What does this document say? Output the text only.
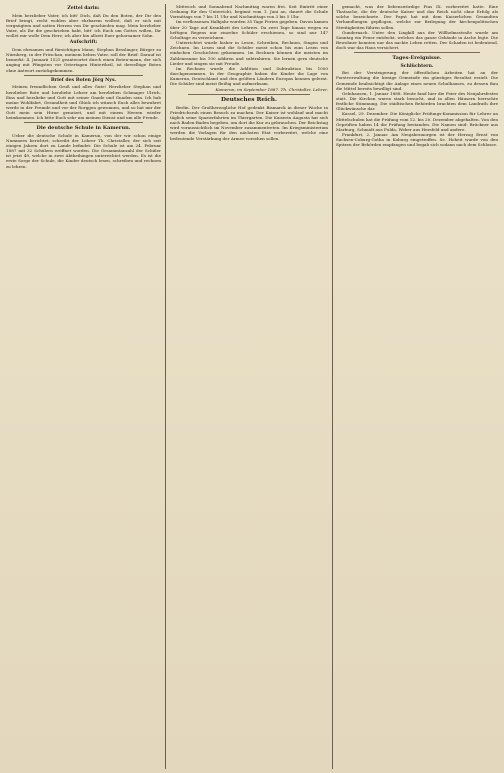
Zettel darin:

Mein herzlieber Vater, ich bitt' Dich, daß Du den Boten, der Dir den Brief bringt, recht wohlen aber ehrbarem wollest, daß er sich mit vergnügtem und satten Herzen von Dir geschieden mag. Mein herzlieber Vater, als Ihr die geschrieben habt, bitt' ich Euch um Gottes willen, Ihr wollet mir wolle Dein Herz; ich aber bin allzeit Euer gehorsamer Sohn.

Aufschrift:

Dem ehrsamen und fürsichtigen Mann, Stephan Besslinger, Bürger zu Nürnberg, in der Fröschau, meinem lieben Vater, soll der Brief. Darauf ist bemerkt: 4. Januarii 1521 geantwortet durch einen Boten-mann, der sich anging mit Pfingsten vor Ostertagen Hintertheil, ist derselbige Boten ohne Antwort zurückgekommen.

Brief des Boten Jörg Nys.

Meinen freundlichen Gruß und alles Gute! Herzlieber Stephan und herzlieber Bote und herzliebe Lehrer am herzlieben Schmager Ulrich. Eins und herzliebe und Gott mit seiner Gnade und Gnaden sein. Ich hab meine Wohlfahrt, Gesundheit und Glück ich wünsch Euch alles bewahret werde in der Fremde und vor der Rorggen gewonnen, und so hat mir der Gott mein sein Hirne genutzet, und mit einem Herzen wieder heimkommen. Ich bitte Euch sehr um meinen Dienst und um alle Freude.

Die deutsche Schule in Kamerun.

Ueber die deutsche Schule in Kamerun, von der wir schon einige Nummern berichtet, schreibt der Lehrer Th. Christaller, der sich seit einigen Jahren dort zu Lande befindet: Die Schule ist am 24. Februar 1887 mit 32 Schülern eröffnet worden. Die Gesammtanzahl der Schüler ist jetzt 49, welche in zwei Abtheilungen unterrichtet werden. Es ist die erste Sorge der Schule, die Kinder deutsch lesen, schreiben und rechnen zu lehren.

Mittwoch und Sonnabend Nachmittag waren frei. Seit Eintritt einer Ordnung für den Unterricht, beginnt vom 1. Juni an, dauert die Schule Vormittags von 7 bis 11 Uhr und Nachmittags von 3 bis 5 Uhr.

Im verflossenen Halbjahr wurden 35 Tage Ferien gegeben. Davon kamen über 20 Tage auf Krankheit des Lehrers. Da zwei Tage hinaus wegen zu heftigen Regens nur einzelne Schüler erschienen, so sind nur 147 Schultage zu verzeichnen.

Unterrichtet wurde bisher in Lesen, Schreiben, Rechnen, Singen und Zeichnen. Im Lesen sind die Schüler meist schon bis zum Lesen von einfachen Geschichten gekommen. Im Rechnen können die meisten im Zahlenraume bis 100 addiren und subtrahiren. Sie lernen gern deutsche Lieder und singen sie mit Freude.

Im Rechnen wurde die Addition und Subtraktion bis 1000 durchgenommen. In der Geographie haben die Kinder die Lage von Kamerun, Deutschland und den größten Ländern Europas kennen gelernt. Die Schüler sind meist fleißig und aufmerksam.

Kamerun, im September 1887. Th. Christaller, Lehrer.

Deutsches Reich.

Berlin. Der Großherzogliche Hof gedenkt Bismarck in dieser Woche in Friedrichsruh einen Besuch zu machen. Der Kaiser ist wohlauf und macht täglich seine Spazierfahrten im Thiergarten. Die Kaiserin Augusta hat sich nach Baden-Baden begeben, um dort die Kur zu gebrauchen. Der Reichstag wird voraussichtlich im November zusammentreten. Im Kriegsministerium werden die Vorlagen für den nächsten Etat vorbereitet, welche eine bedeutende Verstärkung der Armee vorsehen sollen.

gemacht, was der liebenswürdige Pius IX. vorbereitet hatte. Eine Thatsache, die der deutsche Kaiser und das Reich nicht ohne Erfolg als solche bezeichnete. Der Papst hat mit dem Kaiserlichen Gesandten Verhandlungen gepflogen, welche zur Beilegung der kirchenpolitischen Streitigkeiten führen sollen.

Gundernach. Unter den Lingkill aus der Willhelmsstraße wurde am Sonntag ein Feuer entdeckt, welches das ganze Gebäude in Asche legte. Die Bewohner konnten nur das nackte Leben retten. Der Schaden ist bedeutend, doch war das Haus versichert.

Tages-Ereignisse.

Schlüchtern.

Bei der Versteigerung der öffentlichen Arbeiten hat an der Forstverwaltung die hiesige Gemeinde ein günstiges Resultat erzielt. Die Gemeinde beabsichtigt die Anlage eines neuen Schulhauses, zu dessen Bau die Mittel bereits bewilligt sind.

Gelnhausen, 1. Januar 1888. Heute fand hier die Feier des Neujahrsfestes statt. Die Kirchen waren stark besucht, und in allen Häusern herrschte festliche Stimmung. Die städtischen Behörden brachten dem Landrath ihre Glückwünsche dar.

Kassel, 29. Dezember. Die Königliche Prüfungs-Kommission für Lehrer an Mittelschulen hat die Prüfung vom 12. bis 20. Dezember abgehalten. Von den Geprüften haben 14 die Prüfung bestanden. Die Namen sind: Brückner aus Marburg, Schmidt aus Fulda, Weber aus Hersfeld und andere.

Frankfurt, 2. Januar. Am Neujahrsmorgen ist der Herzog Ernst von Sachsen-Coburg-Gotha in Koburg eingetroffen. Se. Hoheit wurde von den Spitzen der Behörden empfangen und begab sich sodann nach dem Schlosse.
